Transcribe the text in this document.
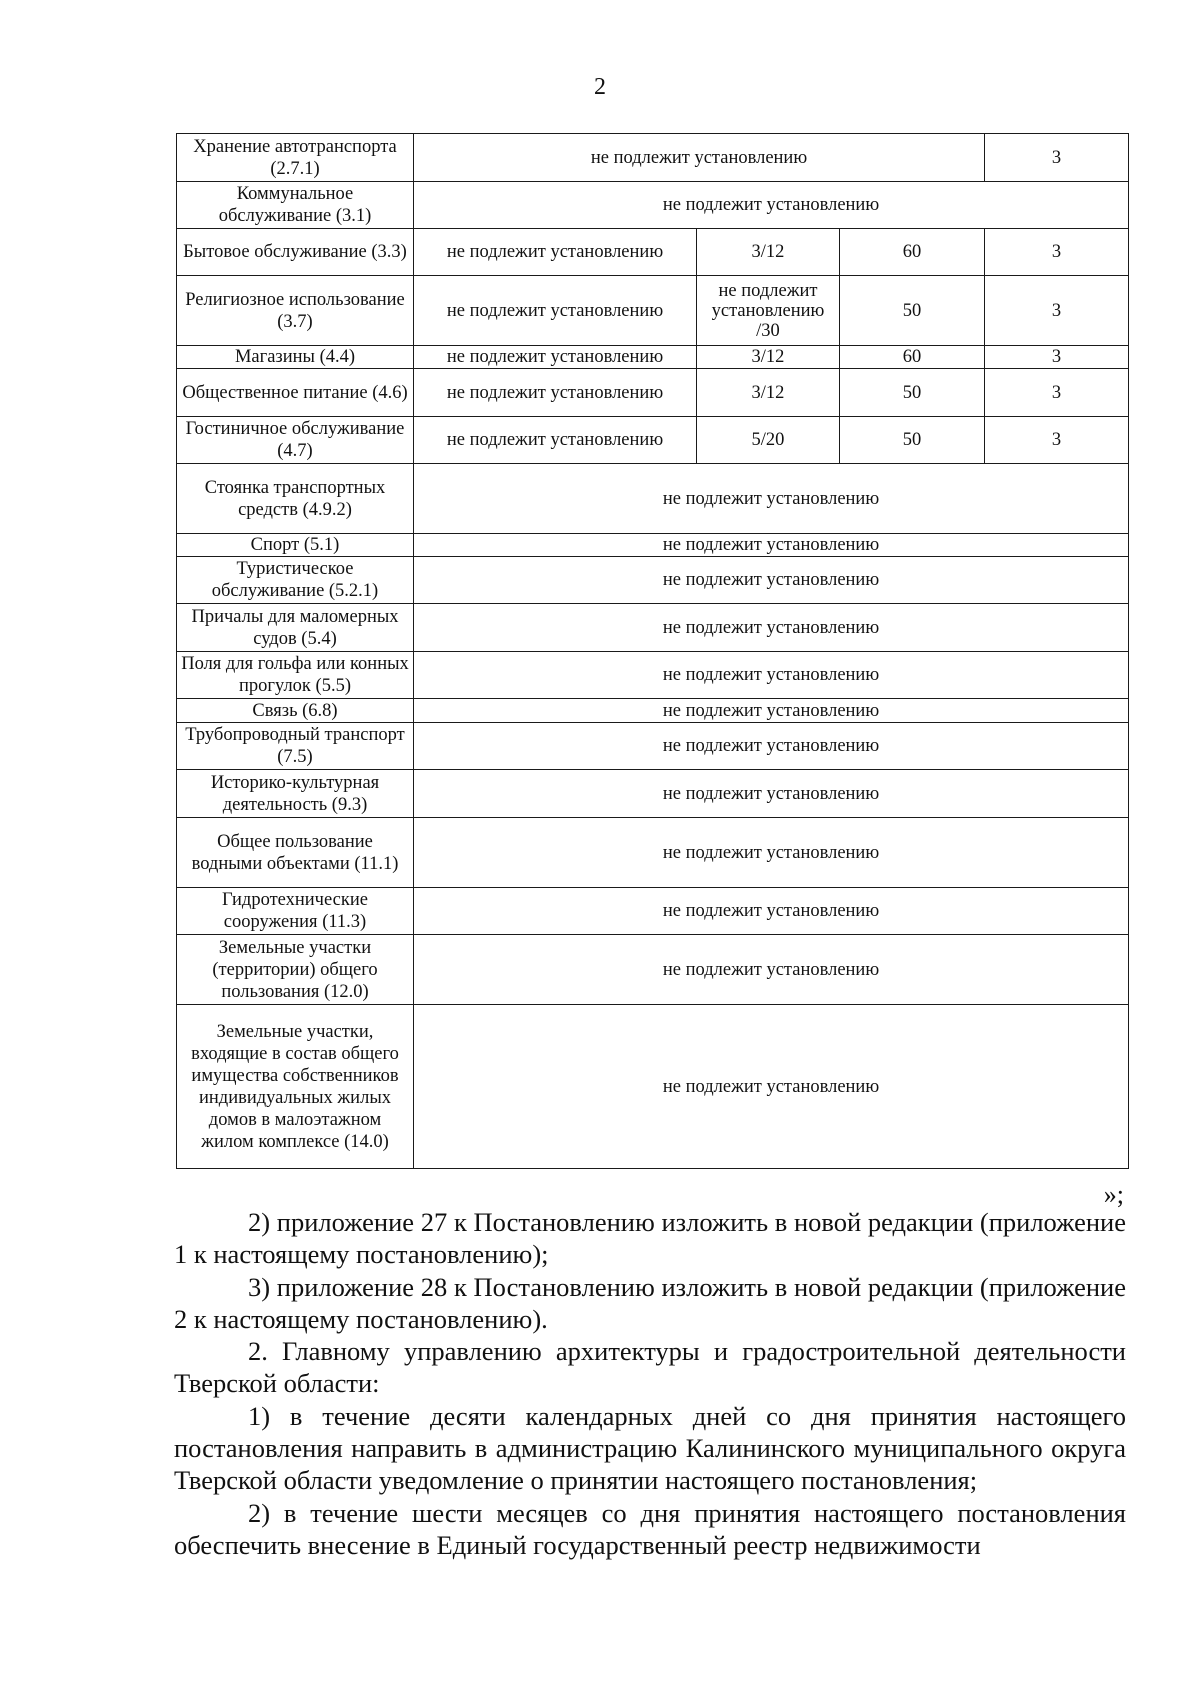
2
Хранение автотранспорта (2.7.1)	не подлежит установлению			3
Коммунальное обслуживание (3.1)	не подлежит установлению			
Бытовое обслуживание (3.3)	не подлежит установлению	3/12	60	3
Религиозное использование (3.7)	не подлежит установлению	не подлежит установлению /30	50	3
Магазины (4.4)	не подлежит установлению	3/12	60	3
Общественное питание (4.6)	не подлежит установлению	3/12	50	3
Гостиничное обслуживание (4.7)	не подлежит установлению	5/20	50	3
Стоянка транспортных средств (4.9.2)	не подлежит установлению			
Спорт (5.1)	не подлежит установлению			
Туристическое обслуживание (5.2.1)	не подлежит установлению			
Причалы для маломерных судов (5.4)	не подлежит установлению			
Поля для гольфа или конных прогулок (5.5)	не подлежит установлению			
Связь (6.8)	не подлежит установлению			
Трубопроводный транспорт (7.5)	не подлежит установлению			
Историко-культурная деятельность (9.3)	не подлежит установлению			
Общее пользование водными объектами (11.1)	не подлежит установлению			
Гидротехнические сооружения (11.3)	не подлежит установлению			
Земельные участки (территории) общего пользования (12.0)	не подлежит установлению			
Земельные участки, входящие в состав общего имущества собственников индивидуальных жилых домов в малоэтажном жилом комплексе (14.0)	не подлежит установлению			
»;

2) приложение 27 к Постановлению изложить в новой редакции (приложение 1 к настоящему постановлению);

3) приложение 28 к Постановлению изложить в новой редакции (приложение 2 к настоящему постановлению).

2. Главному управлению архитектуры и градостроительной деятельности Тверской области:

1) в течение десяти календарных дней со дня принятия настоящего постановления направить в администрацию Калининского муниципального округа Тверской области уведомление о принятии настоящего постановления;

2) в течение шести месяцев со дня принятия настоящего постановления обеспечить внесение в Единый государственный реестр недвижимости
